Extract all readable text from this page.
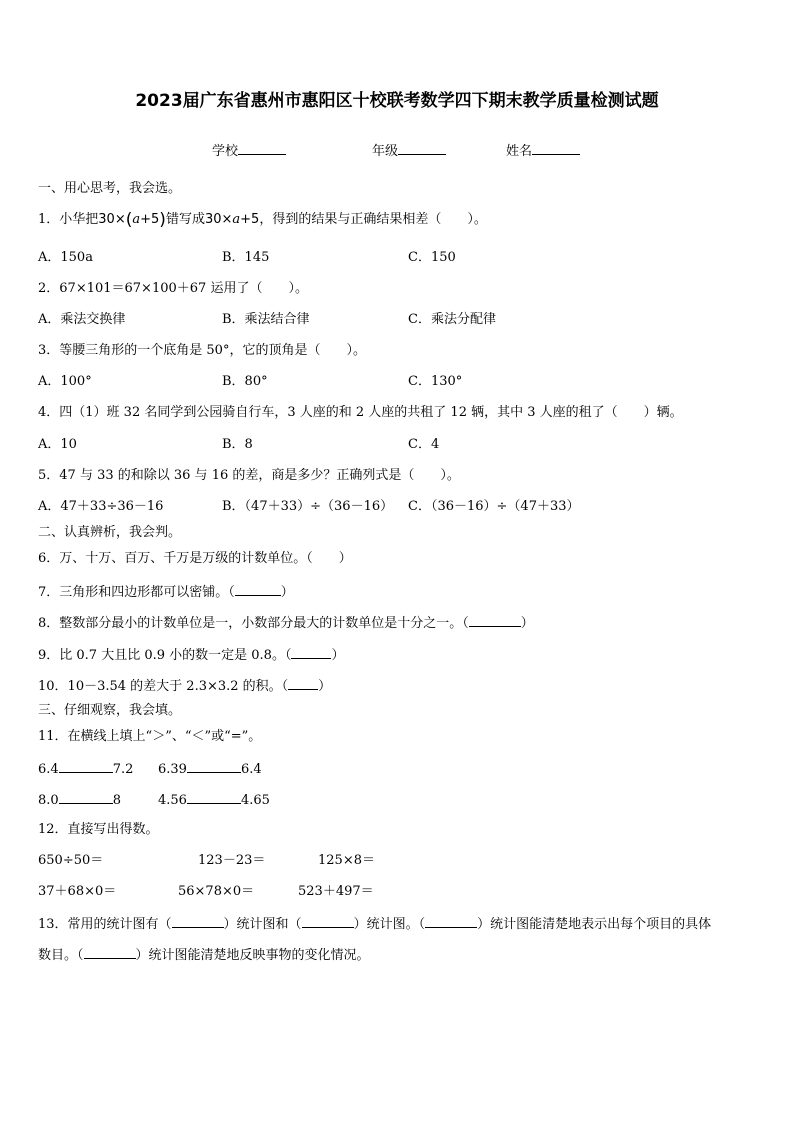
2023届广东省惠州市惠阳区十校联考数学四下期末教学质量检测试题
学校	年级	姓名
一、用心思考，我会选。
1．小华把30×(a+5)错写成30×a+5，得到的结果与正确结果相差（　　）。
A．150a	B．145	C．150
2．67×101＝67×100＋67 运用了（　　）。
A．乘法交换律	B．乘法结合律	C．乘法分配律
3．等腰三角形的一个底角是 50°，它的顶角是（　　）。
A．100°	B．80°	C．130°
4．四（1）班 32 名同学到公园骑自行车，3 人座的和 2 人座的共租了 12 辆，其中 3 人座的租了（　　）辆。
A．10	B．8	C．4
5．47 与 33 的和除以 36 与 16 的差，商是多少？正确列式是（　　）。
A．47＋33÷36－16	B．（47＋33）÷（36－16） C．（36－16）÷（47＋33）
二、认真辨析，我会判。
6．万、十万、百万、千万是万级的计数单位。（　　）
7．三角形和四边形都可以密铺。（	）
8．整数部分最小的计数单位是一，小数部分最大的计数单位是十分之一。（	）
9．比 0.7 大且比 0.9 小的数一定是 0.8。（	）
10．10－3.54 的差大于 2.3×3.2 的积。（ ）
三、仔细观察，我会填。
11．在横线上填上“＞”、“＜”或“=”。
6.4	7.2 6.39	6.4
8.0	8	4.56	4.65
12．直接写出得数。
650÷50＝	123－23＝	125×8＝
37＋68×0＝	56×78×0＝	523＋497＝
13．常用的统计图有（	）统计图和（	）统计图。（	）统计图能清楚地表示出每个项目的具体
数目。（	）统计图能清楚地反映事物的变化情况。
